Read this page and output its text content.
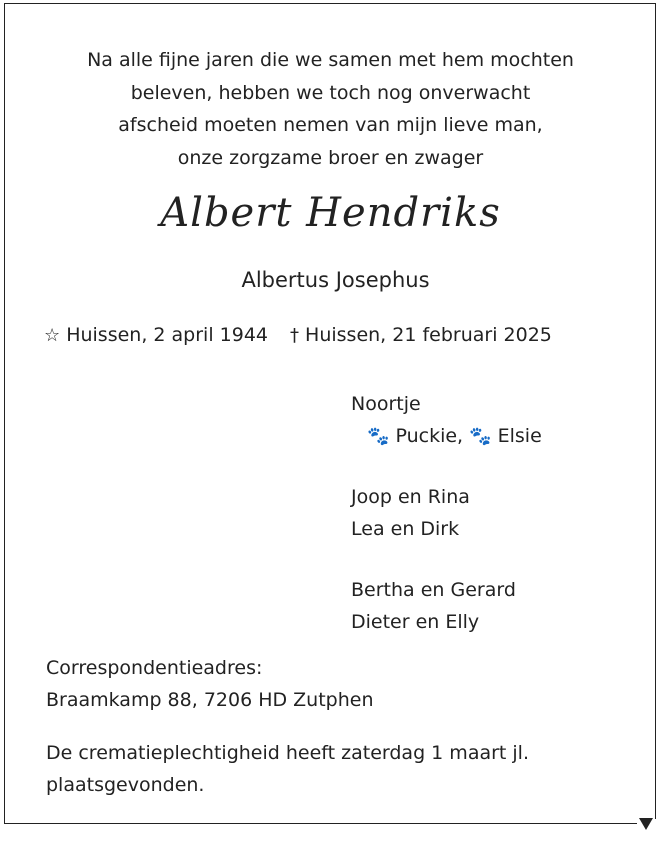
Na alle fijne jaren die we samen met hem mochten
beleven, hebben we toch nog onverwacht
afscheid moeten nemen van mijn lieve man,
onze zorgzame broer en zwager
Albert Hendriks
Albertus Josephus
☆ Huissen, 2 april 1944 † Huissen, 21 februari 2025
Noortje
🐾 Puckie, 🐾 Elsie
Joop en Rina
Lea en Dirk
Bertha en Gerard
Dieter en Elly
Correspondentieadres:
Braamkamp 88, 7206 HD Zutphen
De crematieplechtigheid heeft zaterdag 1 maart jl.
plaatsgevonden.
